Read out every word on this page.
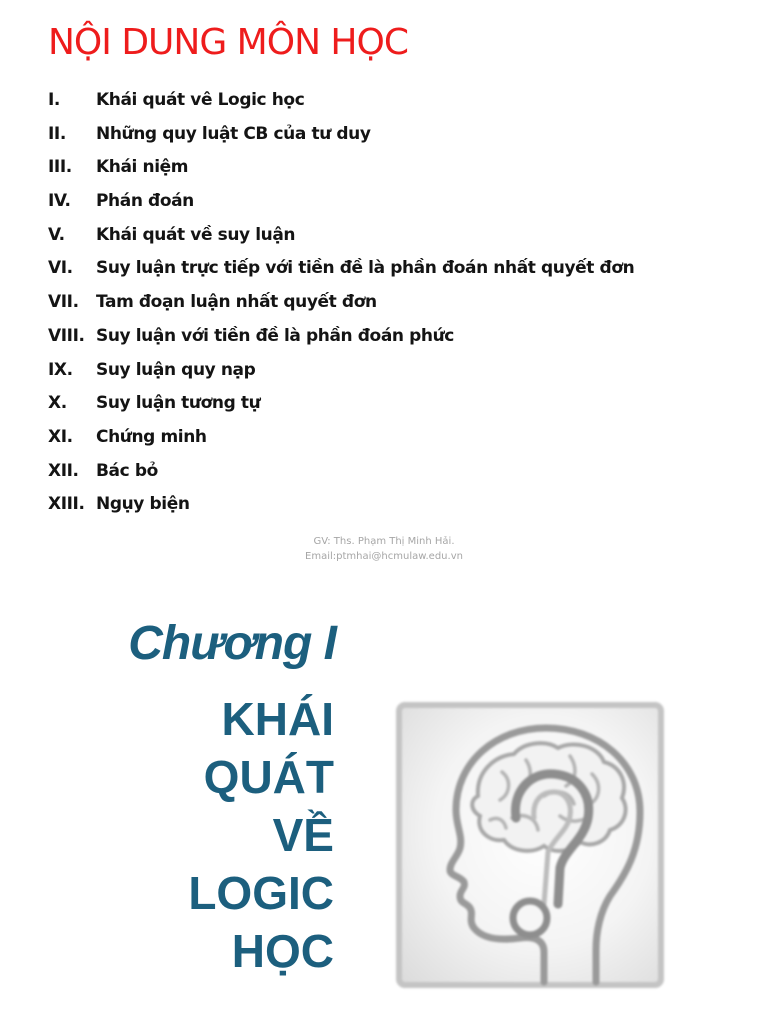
NỘI DUNG MÔN HỌC
I.	Khái quát vê Logic học
II.	Những quy luật CB của tư duy
III.	Khái niệm
IV.	Phán đoán
V.	Khái quát về suy luận
VI.	Suy luận trực tiếp với tiền đề là phần đoán nhất quyết đơn
VII.	Tam đoạn luận nhất quyết đơn
VIII. Suy luận với tiền đề là phần đoán phức
IX.	Suy luận quy nạp
X.	Suy luận tương tự
XI.	Chứng minh
XII.	Bác bỏ
XIII. Ngụy biện
GV: Ths. Phạm Thị Minh Hải.
Email:ptmhai@hcmulaw.edu.vn
Chương I
KHÁI
QUÁT
VỀ
LOGIC
HỌC
